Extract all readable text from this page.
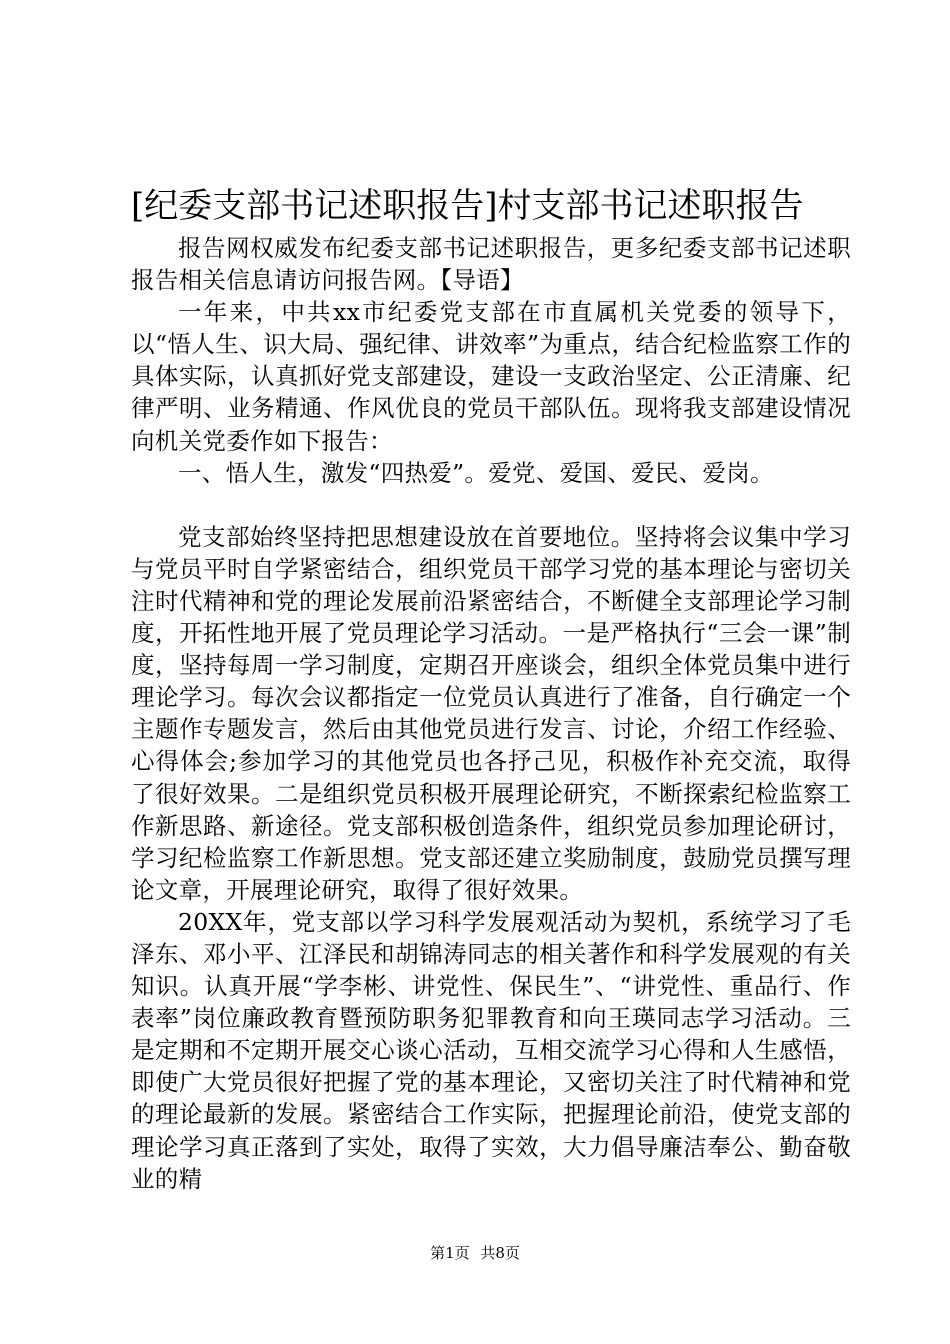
[纪委支部书记述职报告]村支部书记述职报告

报告网权威发布纪委支部书记述职报告，更多纪委支部书记述职报告相关信息请访问报告网。【导语】

一年来，中共xx市纪委党支部在市直属机关党委的领导下，以“悟人生、识大局、强纪律、讲效率”为重点，结合纪检监察工作的具体实际，认真抓好党支部建设，建设一支政治坚定、公正清廉、纪律严明、业务精通、作风优良的党员干部队伍。现将我支部建设情况向机关党委作如下报告：

一、悟人生，激发“四热爱”。爱党、爱国、爱民、爱岗。

党支部始终坚持把思想建设放在首要地位。坚持将会议集中学习与党员平时自学紧密结合，组织党员干部学习党的基本理论与密切关注时代精神和党的理论发展前沿紧密结合，不断健全支部理论学习制度，开拓性地开展了党员理论学习活动。一是严格执行“三会一课”制度，坚持每周一学习制度，定期召开座谈会，组织全体党员集中进行理论学习。每次会议都指定一位党员认真进行了准备，自行确定一个主题作专题发言，然后由其他党员进行发言、讨论，介绍工作经验、心得体会;参加学习的其他党员也各抒己见，积极作补充交流，取得了很好效果。二是组织党员积极开展理论研究，不断探索纪检监察工作新思路、新途径。党支部积极创造条件，组织党员参加理论研讨，学习纪检监察工作新思想。党支部还建立奖励制度，鼓励党员撰写理论文章，开展理论研究，取得了很好效果。

20XX年，党支部以学习科学发展观活动为契机，系统学习了毛泽东、邓小平、江泽民和胡锦涛同志的相关著作和科学发展观的有关知识。认真开展“学李彬、讲党性、保民生”、“讲党性、重品行、作表率”岗位廉政教育暨预防职务犯罪教育和向王瑛同志学习活动。三是定期和不定期开展交心谈心活动，互相交流学习心得和人生感悟，即使广大党员很好把握了党的基本理论，又密切关注了时代精神和党的理论最新的发展。紧密结合工作实际，把握理论前沿，使党支部的理论学习真正落到了实处，取得了实效，大力倡导廉洁奉公、勤奋敬业的精

第1页 共8页
